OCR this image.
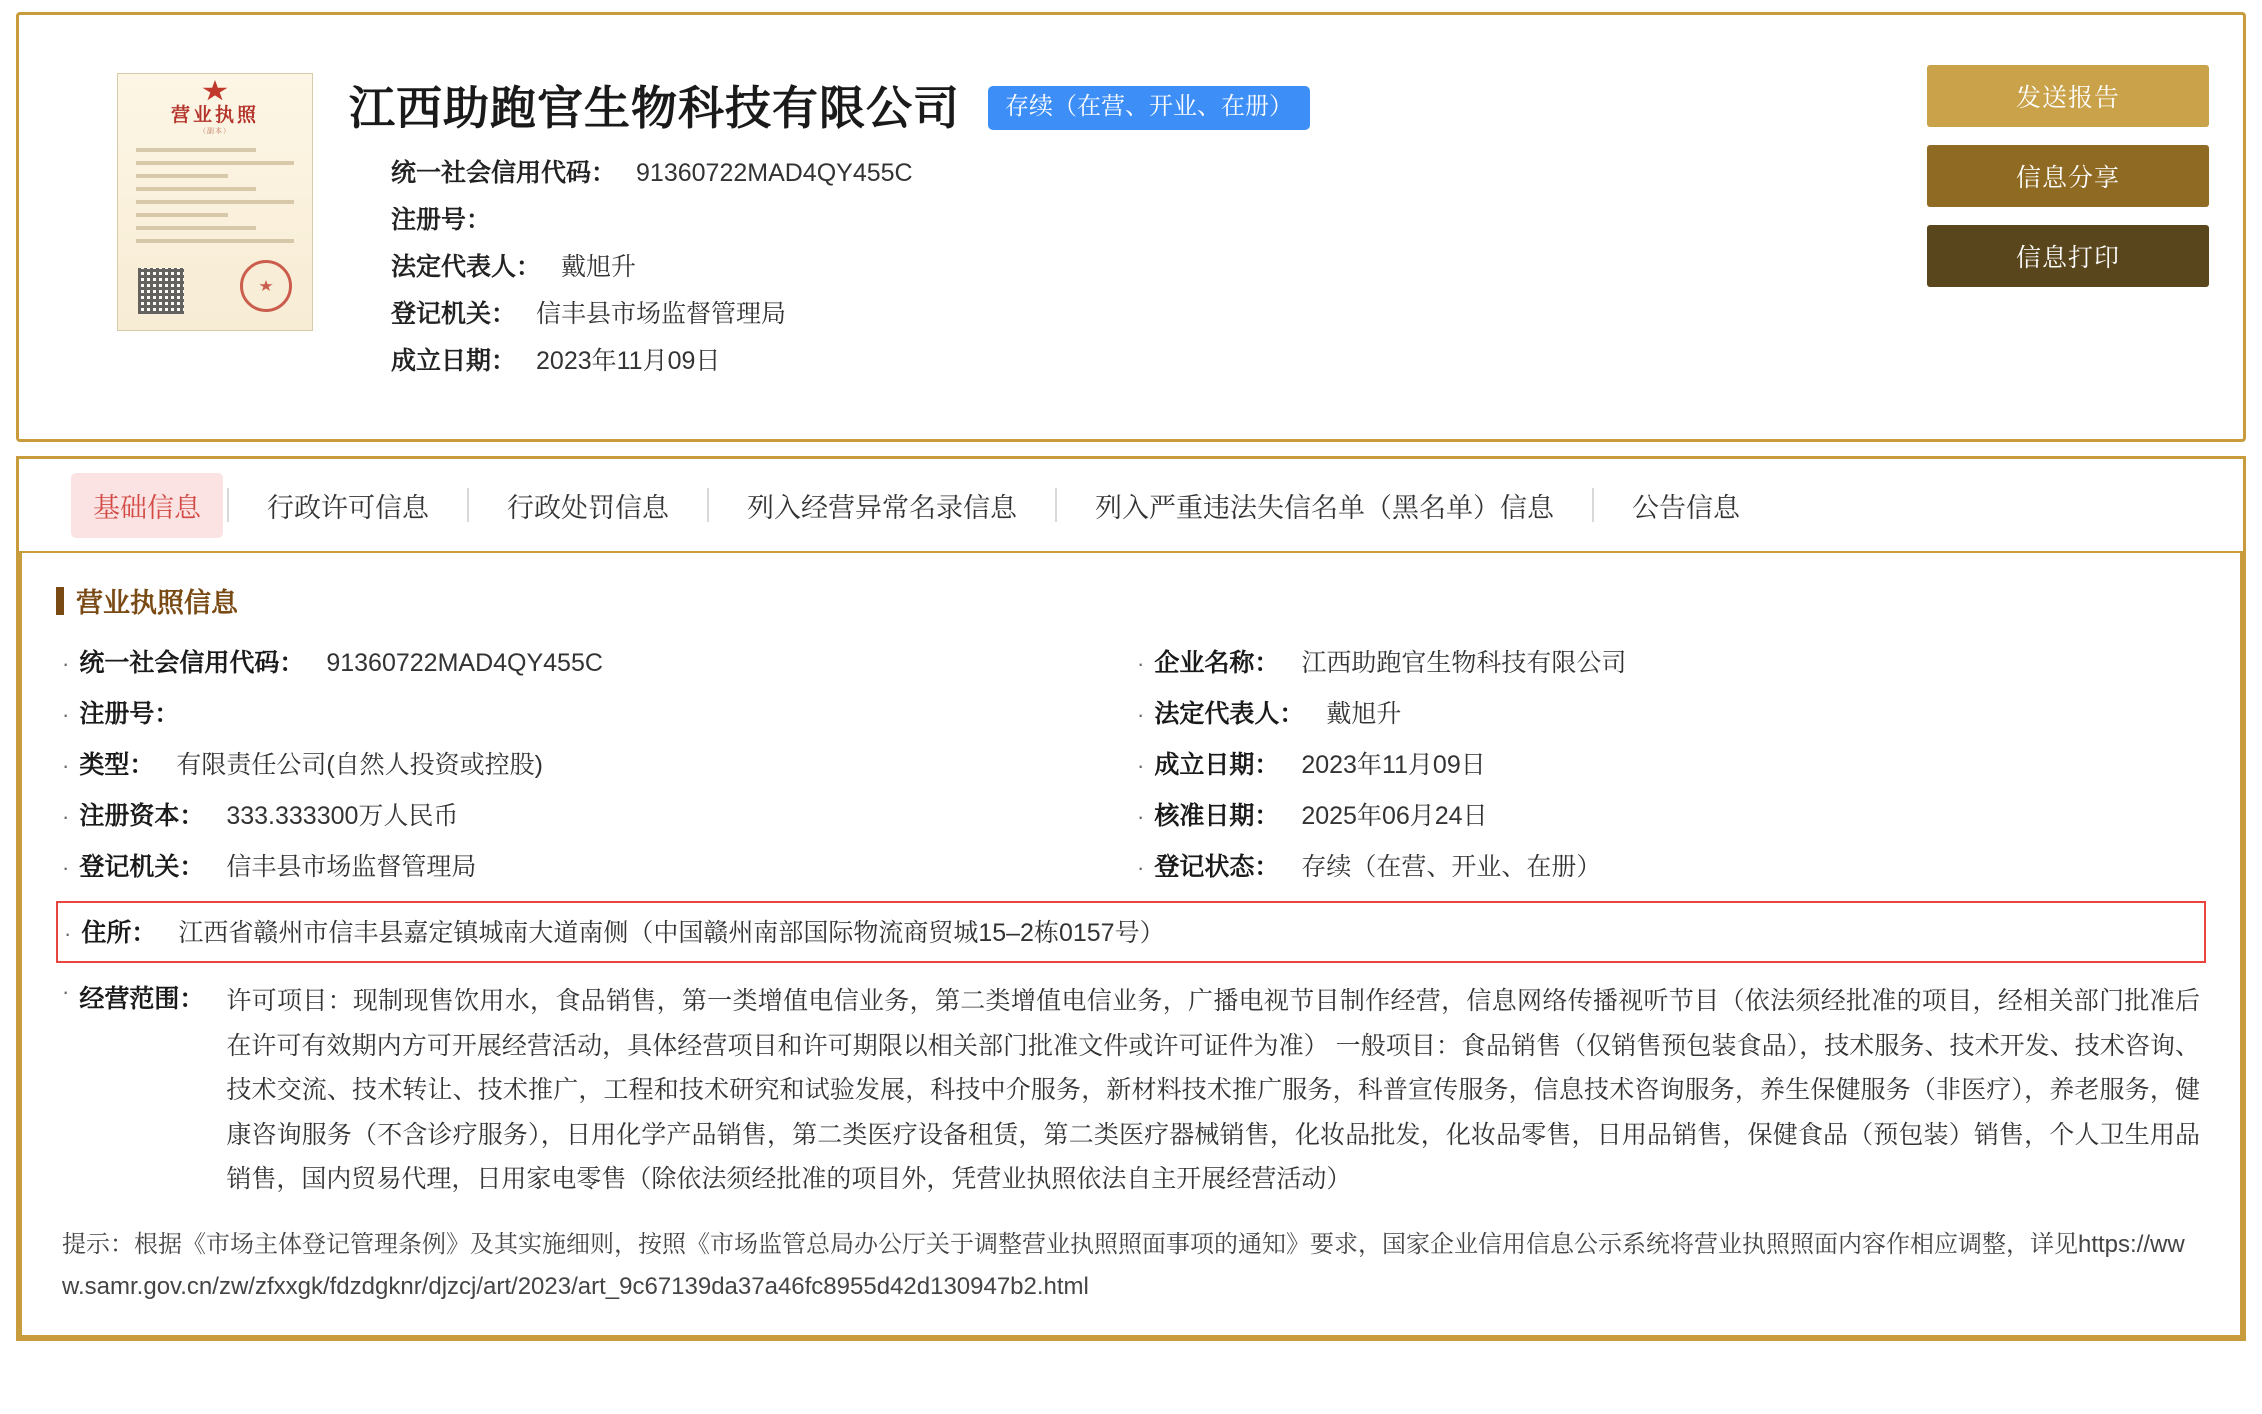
营业执照
（副本）	江西助跑官生物科技有限公司	存续（在营、开业、在册）
统一社会信用代码： 91360722MAD4QY455C
注册号：
法定代表人： 戴旭升
登记机关： 信丰县市场监督管理局
成立日期： 2023年11月09日
发送报告
信息分享
信息打印
基础信息	行政许可信息	行政处罚信息	列入经营异常名录信息	列入严重违法失信名单（黑名单）信息	公告信息
营业执照信息
· 统一社会信用代码： 91360722MAD4QY455C	· 企业名称： 江西助跑官生物科技有限公司
· 注册号：	· 法定代表人： 戴旭升
· 类型： 有限责任公司(自然人投资或控股)	· 成立日期： 2023年11月09日
· 注册资本： 333.333300万人民币	· 核准日期： 2025年06月24日
· 登记机关： 信丰县市场监督管理局	· 登记状态： 存续（在营、开业、在册）
· 住所： 江西省赣州市信丰县嘉定镇城南大道南侧（中国赣州南部国际物流商贸城15–2栋0157号）
· 经营范围： 许可项目：现制现售饮用水，食品销售，第一类增值电信业务，第二类增值电信业务，广播电视节目制作经营，信息网络传播视听节目（依法须经批准的项目，经相关部门批准后在许可有效期内方可开展经营活动，具体经营项目和许可期限以相关部门批准文件或许可证件为准） 一般项目：食品销售（仅销售预包装食品），技术服务、技术开发、技术咨询、技术交流、技术转让、技术推广，工程和技术研究和试验发展，科技中介服务，新材料技术推广服务，科普宣传服务，信息技术咨询服务，养生保健服务（非医疗），养老服务，健康咨询服务（不含诊疗服务），日用化学产品销售，第二类医疗设备租赁，第二类医疗器械销售，化妆品批发，化妆品零售，日用品销售，保健食品（预包装）销售，个人卫生用品销售，国内贸易代理，日用家电零售（除依法须经批准的项目外，凭营业执照依法自主开展经营活动）
提示：根据《市场主体登记管理条例》及其实施细则，按照《市场监管总局办公厅关于调整营业执照照面事项的通知》要求，国家企业信用信息公示系统将营业执照照面内容作相应调整，详见https://www.samr.gov.cn/zw/zfxxgk/fdzdgknr/djzcj/art/2023/art_9c67139da37a46fc8955d42d130947b2.html
